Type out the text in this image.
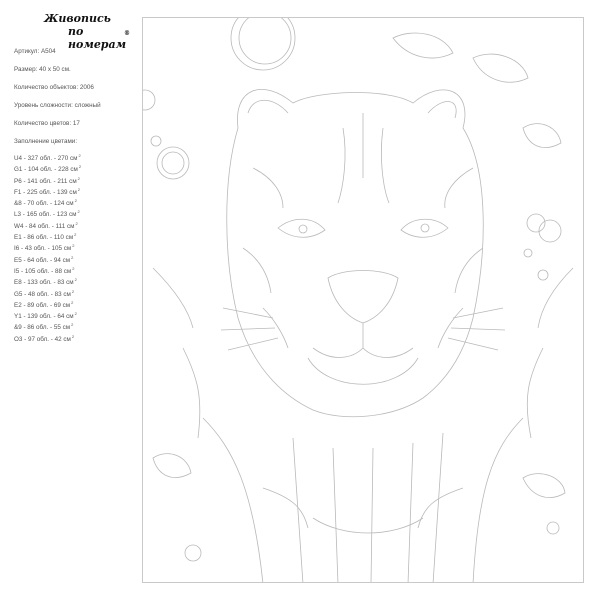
Живопись
по номерам
®
Артикул: A504
Размер: 40 x 50 см.
Количество объектов: 2006
Уровень сложности: сложный
Количество цветов: 17
Заполнение цветами:
U4 - 327 обл. - 270 $см^2$
G1 - 104 обл. - 228 $см^2$
P6 - 141 обл. - 211 $см^2$
F1 - 225 обл. - 139 $см^2$
&8 - 70 обл. - 124 $см^2$
L3 - 165 обл. - 123 $см^2$
W4 - 84 обл. - 111 $см^2$
E1 - 86 обл. - 110 $см^2$
I6 - 43 обл. - 105 $см^2$
E5 - 64 обл. - 94 $см^2$
I5 - 105 обл. - 88 $см^2$
E8 - 133 обл. - 83 $см^2$
G5 - 48 обл. - 83 $см^2$
E2 - 89 обл. - 69 $см^2$
Y1 - 139 обл. - 64 $см^2$
&9 - 86 обл. - 55 $см^2$
O3 - 97 обл. - 42 $см^2$
